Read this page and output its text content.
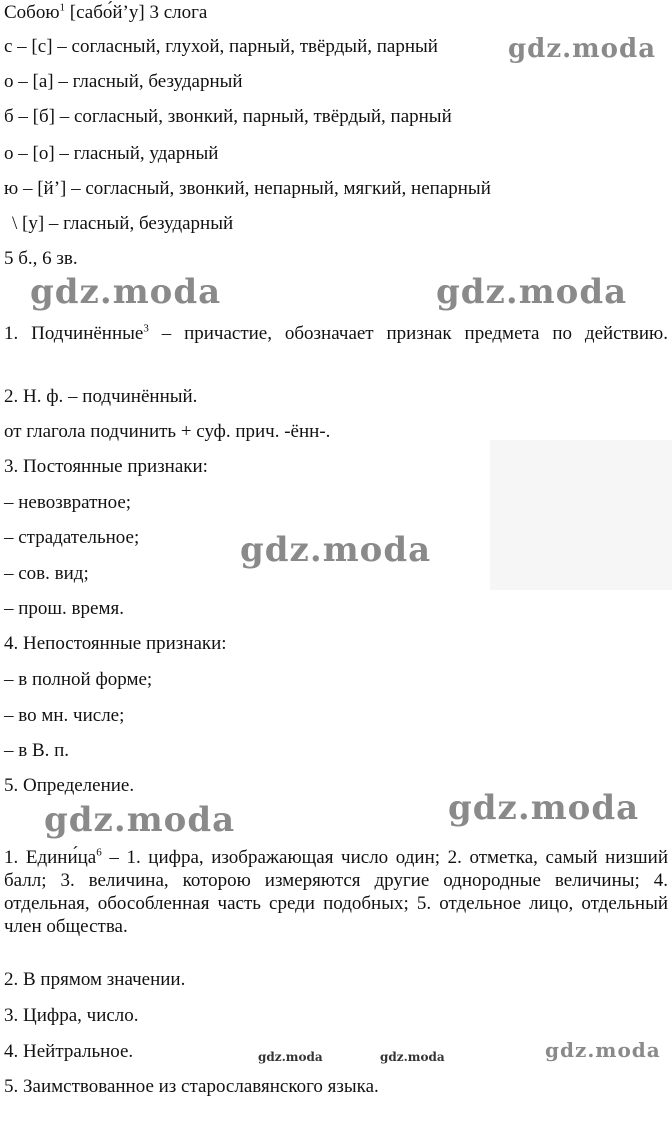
Собою$^1$ [сабо́й’у] 3 слога
с – [с] – согласный, глухой, парный, твёрдый, парный
о – [а] – гласный, безударный
б – [б] – согласный, звонкий, парный, твёрдый, парный
о – [о] – гласный, ударный
ю – [й’] – согласный, звонкий, непарный, мягкий, непарный
\ [у] – гласный, безударный
5 б., 6 зв.
1. Подчинённые$^3$ – причастие, обозначает признак предмета по действию.
2. Н. ф. – подчинённый.
от глагола подчинить + суф. прич. -ённ-.
3. Постоянные признаки:
– невозвратное;
– страдательное;
– сов. вид;
– прош. время.
4. Непостоянные признаки:
– в полной форме;
– во мн. числе;
– в В. п.
5. Определение.
1. $Едини́ца^6 - 1$. цифра, изображающая число один; 2. отметка, самый низший балл; 3. величина, которою измеряются другие однородные величины; 4. отдельная, обособленная часть среди подобных; 5. отдельное лицо, отдельный член общества.
2. В прямом значении.
3. Цифра, число.
4. Нейтральное.
5. Заимствованное из старославянского языка.
gdz.moda
gdz.moda	gdz.moda
gdz.moda
gdz.moda	gdz.moda
gdz.moda	gdz.moda	gdz.moda
